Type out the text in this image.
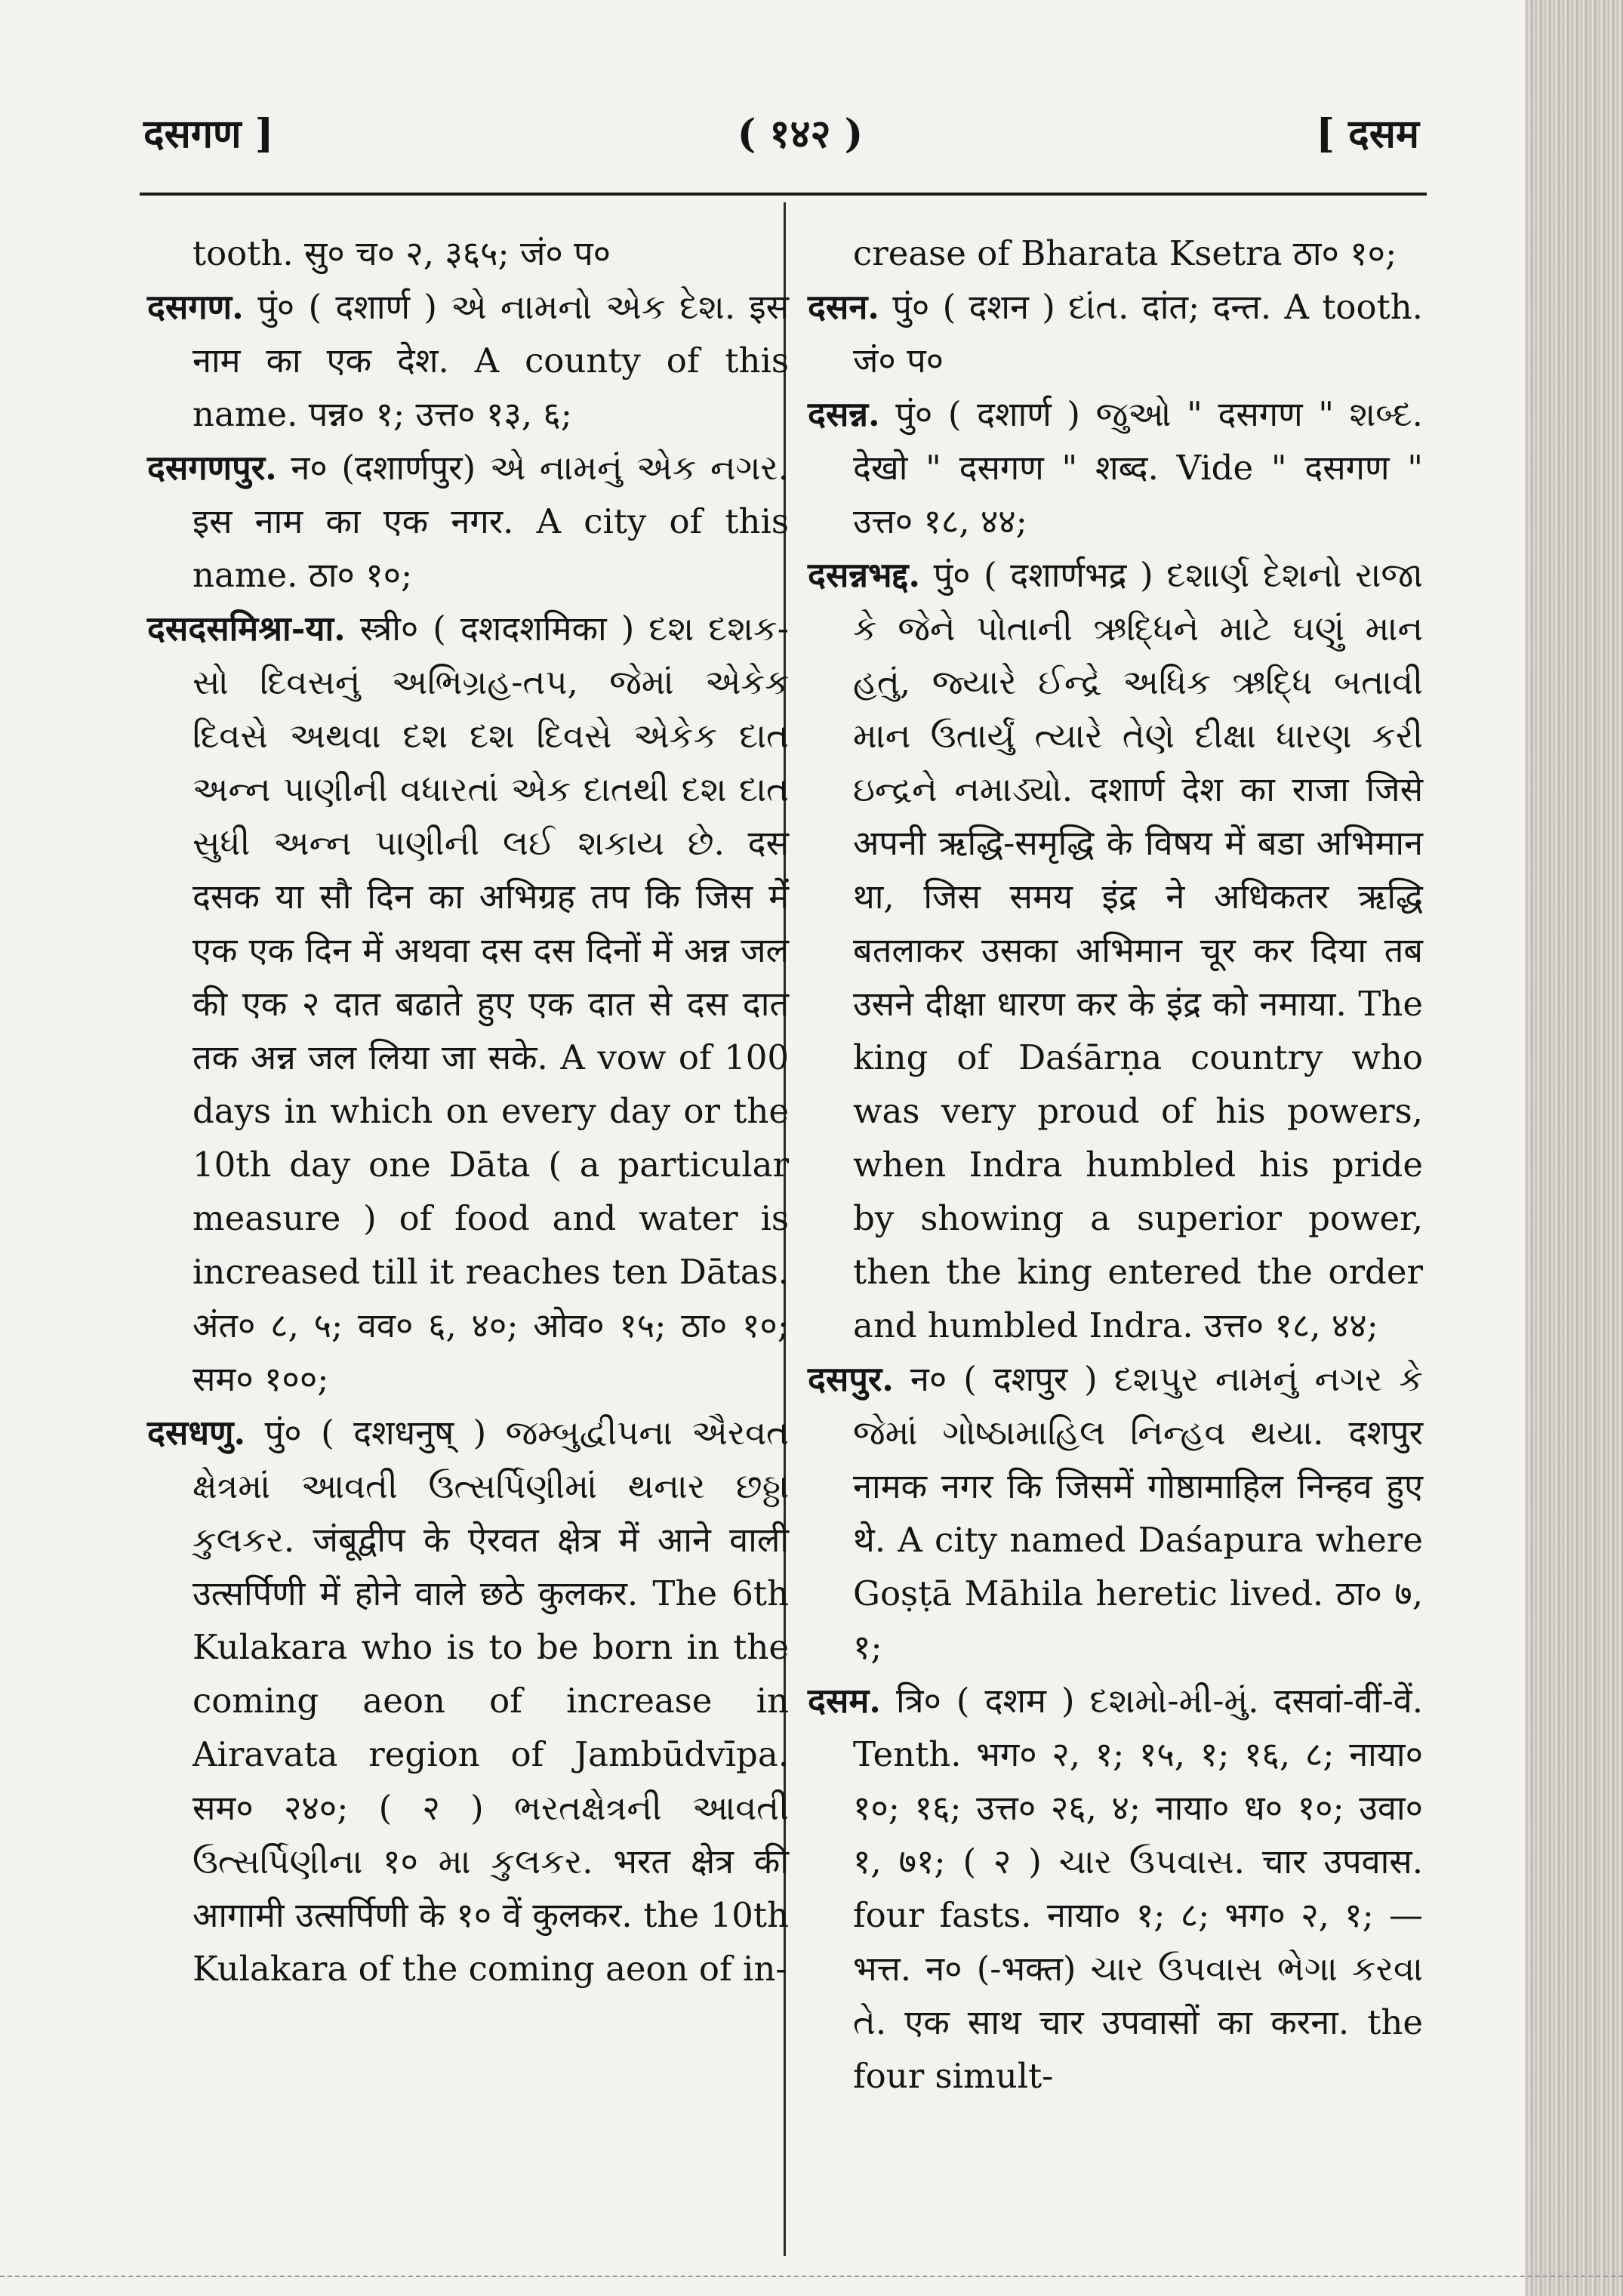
दसगण ]	( १४२ )	[ दसम

tooth. सु० च० २, ३६५; जं० प०

दसगण. पुं० ( दशार्ण ) એ નામનો એક દેશ. इस नाम का एक देश. A county of this name. पन्न० १; उत्त० १३, ६;

दसगणपुर. न० (दशार्णपुर) એ નામનું એક નગર. इस नाम का एक नगर. A city of this name. ठा० १०;

दसदसमिश्रा-या. स्त्री० ( दशदशमिका ) દશ દશક-સો દિવસનું અભિગ્રહ-તપ, જેમાં એકેક દિવસે અથવા દશ દશ દિવસે એકેક દાત અન્ન પાણીની વધારતાં એક દાતથી દશ દાત સુધી અન્ન પાણીની લઈ શકાય છે. दस दसक या सौ दिन का अभिग्रह तप कि जिस में एक एक दिन में अथवा दस दस दिनों में अन्न जल की एक २ दात बढाते हुए एक दात से दस दात तक अन्न जल लिया जा सके. A vow of 100 days in which on every day or the 10th day one Dāta ( a particular measure ) of food and water is increased till it reaches ten Dātas. अंत० ८, ५; वव० ६, ४०; ओव० १५; ठा० १०; सम० १००;

दसधणु. पुं० ( दशधनुष् ) જમ્બુદ્વીપના ઐરવત ક્ષેત્રમાં આવતી ઉત્સર્પિણીમાં થનાર છઠ્ઠા કુલકર. जंबूद्वीप के ऐरवत क्षेत्र में आने वाली उत्सर्पिणी में होने वाले छठे कुलकर. The 6th Kulakara who is to be born in the coming aeon of increase in Airavata region of Jambūdvīpa. सम० २४०; ( २ ) ભરતક્ષેત્રની આવતી ઉત્સર્પિણીના १० મા કુલકર. भरत क्षेत्र की आगामी उत्सर्पिणी के १० वें कुलकर. the 10th Kulakara of the coming aeon of in-

crease of Bharata Ksetra ठा० १०;

दसन. पुं० ( दशन ) દાંત. दांत; दन्त. A tooth. जं० प०

दसन्न. पुं० ( दशार्ण ) જુઓ " दसगण " શબ્દ. देखो " दसगण " शब्द. Vide " दसगण " उत्त० १८, ४४;

दसन्नभद्द. पुं० ( दशार्णभद्र ) દશાર્ણ દેશનો રાજા કે જેને પોતાની ઋદ્ધિને માટે ઘણું માન હતું, જ્યારે ઈન્દ્રે અધિક ઋદ્ધિ બતાવી માન ઉતાર્યું ત્યારે તેણે દીક્ષા ધારણ કરી ઇન્દ્રને નમાડ્યો. दशार्ण देश का राजा जिसे अपनी ऋद्धि-समृद्धि के विषय में बडा अभिमान था, जिस समय इंद्र ने अधिकतर ऋद्धि बतलाकर उसका अभिमान चूर कर दिया तब उसने दीक्षा धारण कर के इंद्र को नमाया. The king of Daśārṇa country who was very proud of his powers, when Indra humbled his pride by showing a superior power, then the king entered the order and humbled Indra. उत्त० १८, ४४;

दसपुर. न० ( दशपुर ) દશપુર નામનું નગર કે જેમાં ગોષ્ઠામાહિલ નિન્હવ થયા. दशपुर नामक नगर कि जिसमें गोष्ठामाहिल निन्हव हुए थे. A city named Daśapura where Goṣṭā Māhila heretic lived. ठा० ७, १;

दसम. त्रि० ( दशम ) દશમો-મી-મું. दसवां-वीं-वें. Tenth. भग० २, १; १५, १; १६, ८; नाया० १०; १६; उत्त० २६, ४; नाया० ध० १०; उवा० १, ७१; ( २ ) ચાર ઉપવાસ. चार उपवास. four fasts. नाया० १; ८; भग० २, १; —भत्त. न० (-भक्त) ચાર ઉપવાસ ભેગા કરવા તે. एक साथ चार उपवासों का करना. the four simult-
